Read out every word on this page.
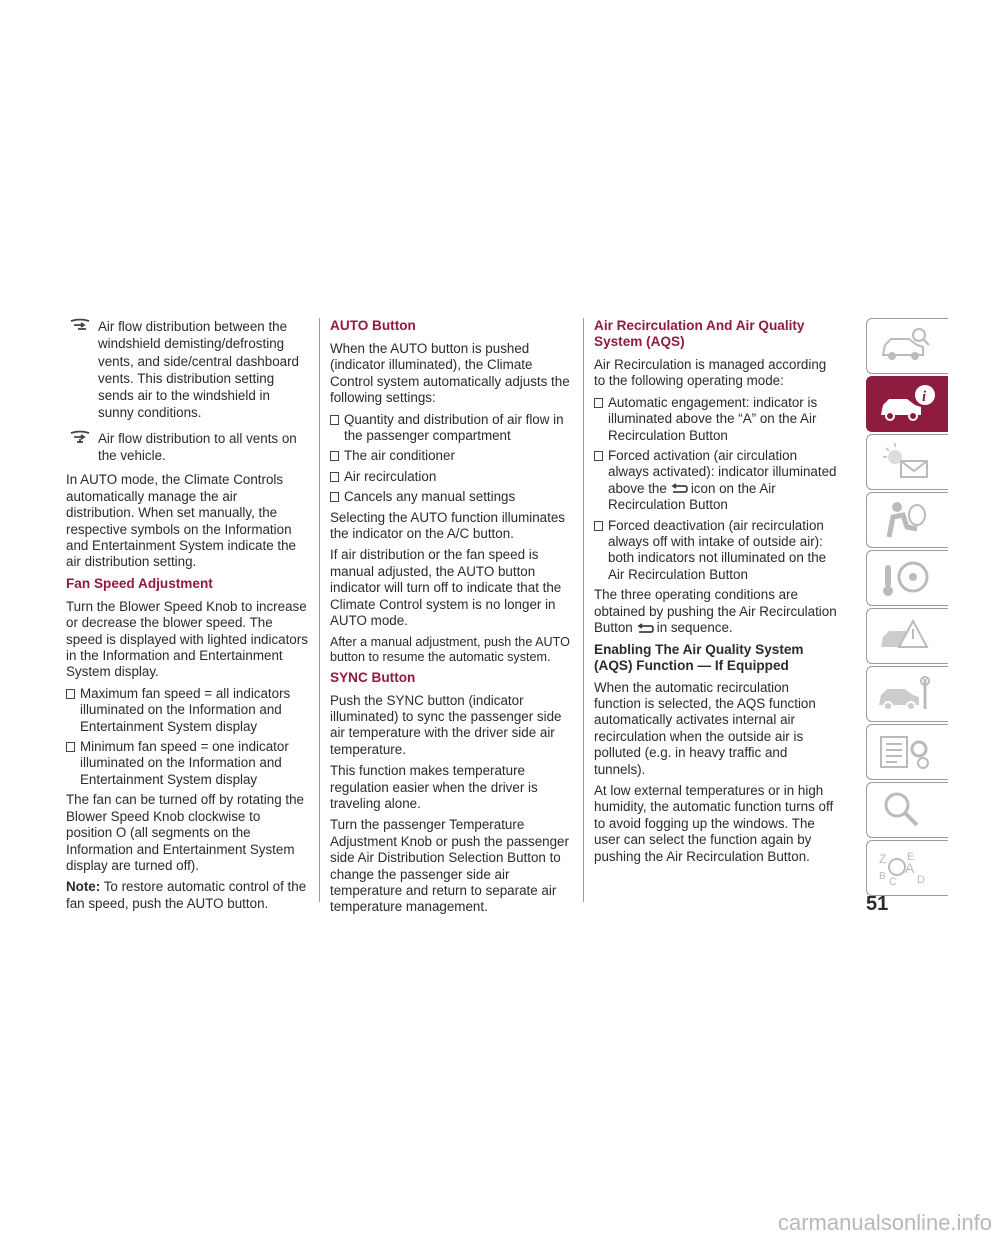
Air flow distribution between the windshield demisting/defrosting vents, and side/central dashboard vents. This distribution setting sends air to the windshield in sunny conditions.
Air flow distribution to all vents on the vehicle.

In AUTO mode, the Climate Controls automatically manage the air distribution. When set manually, the respective symbols on the Information and Entertainment System indicate the air distribution setting.

Fan Speed Adjustment

Turn the Blower Speed Knob to increase or decrease the blower speed. The speed is displayed with lighted indicators in the Information and Entertainment System display.

Maximum fan speed = all indicators illuminated on the Information and Entertainment System display
Minimum fan speed = one indicator illuminated on the Information and Entertainment System display

The fan can be turned off by rotating the Blower Speed Knob clockwise to position O (all segments on the Information and Entertainment System display are turned off).

Note: To restore automatic control of the fan speed, push the AUTO button.

AUTO Button

When the AUTO button is pushed (indicator illuminated), the Climate Control system automatically adjusts the following settings:

Quantity and distribution of air flow in the passenger compartment
The air conditioner
Air recirculation
Cancels any manual settings

Selecting the AUTO function illuminates the indicator on the A/C button.

If air distribution or the fan speed is manual adjusted, the AUTO button indicator will turn off to indicate that the Climate Control system is no longer in AUTO mode.

After a manual adjustment, push the AUTO button to resume the automatic system.

SYNC Button

Push the SYNC button (indicator illuminated) to sync the passenger side air temperature with the driver side air temperature.

This function makes temperature regulation easier when the driver is traveling alone.

Turn the passenger Temperature Adjustment Knob or push the passenger side Air Distribution Selection Button to change the passenger side air temperature and return to separate air temperature management.

Air Recirculation And Air Quality System (AQS)

Air Recirculation is managed according to the following operating mode:

Automatic engagement: indicator is illuminated above the “A” on the Air Recirculation Button
Forced activation (air circulation always activated): indicator illuminated above the icon on the Air Recirculation Button
Forced deactivation (air recirculation always off with intake of outside air): both indicators not illuminated on the Air Recirculation Button

The three operating conditions are obtained by pushing the Air Recirculation Button in sequence.

Enabling The Air Quality System (AQS) Function — If Equipped

When the automatic recirculation function is selected, the AQS function automatically activates internal air recirculation when the outside air is polluted (e.g. in heavy traffic and tunnels).

At low external temperatures or in high humidity, the automatic function turns off to avoid fogging up the windows. The user can select the function again by pushing the Air Recirculation Button.

i
Z E
A
B C D
51
carmanualsonline.info
